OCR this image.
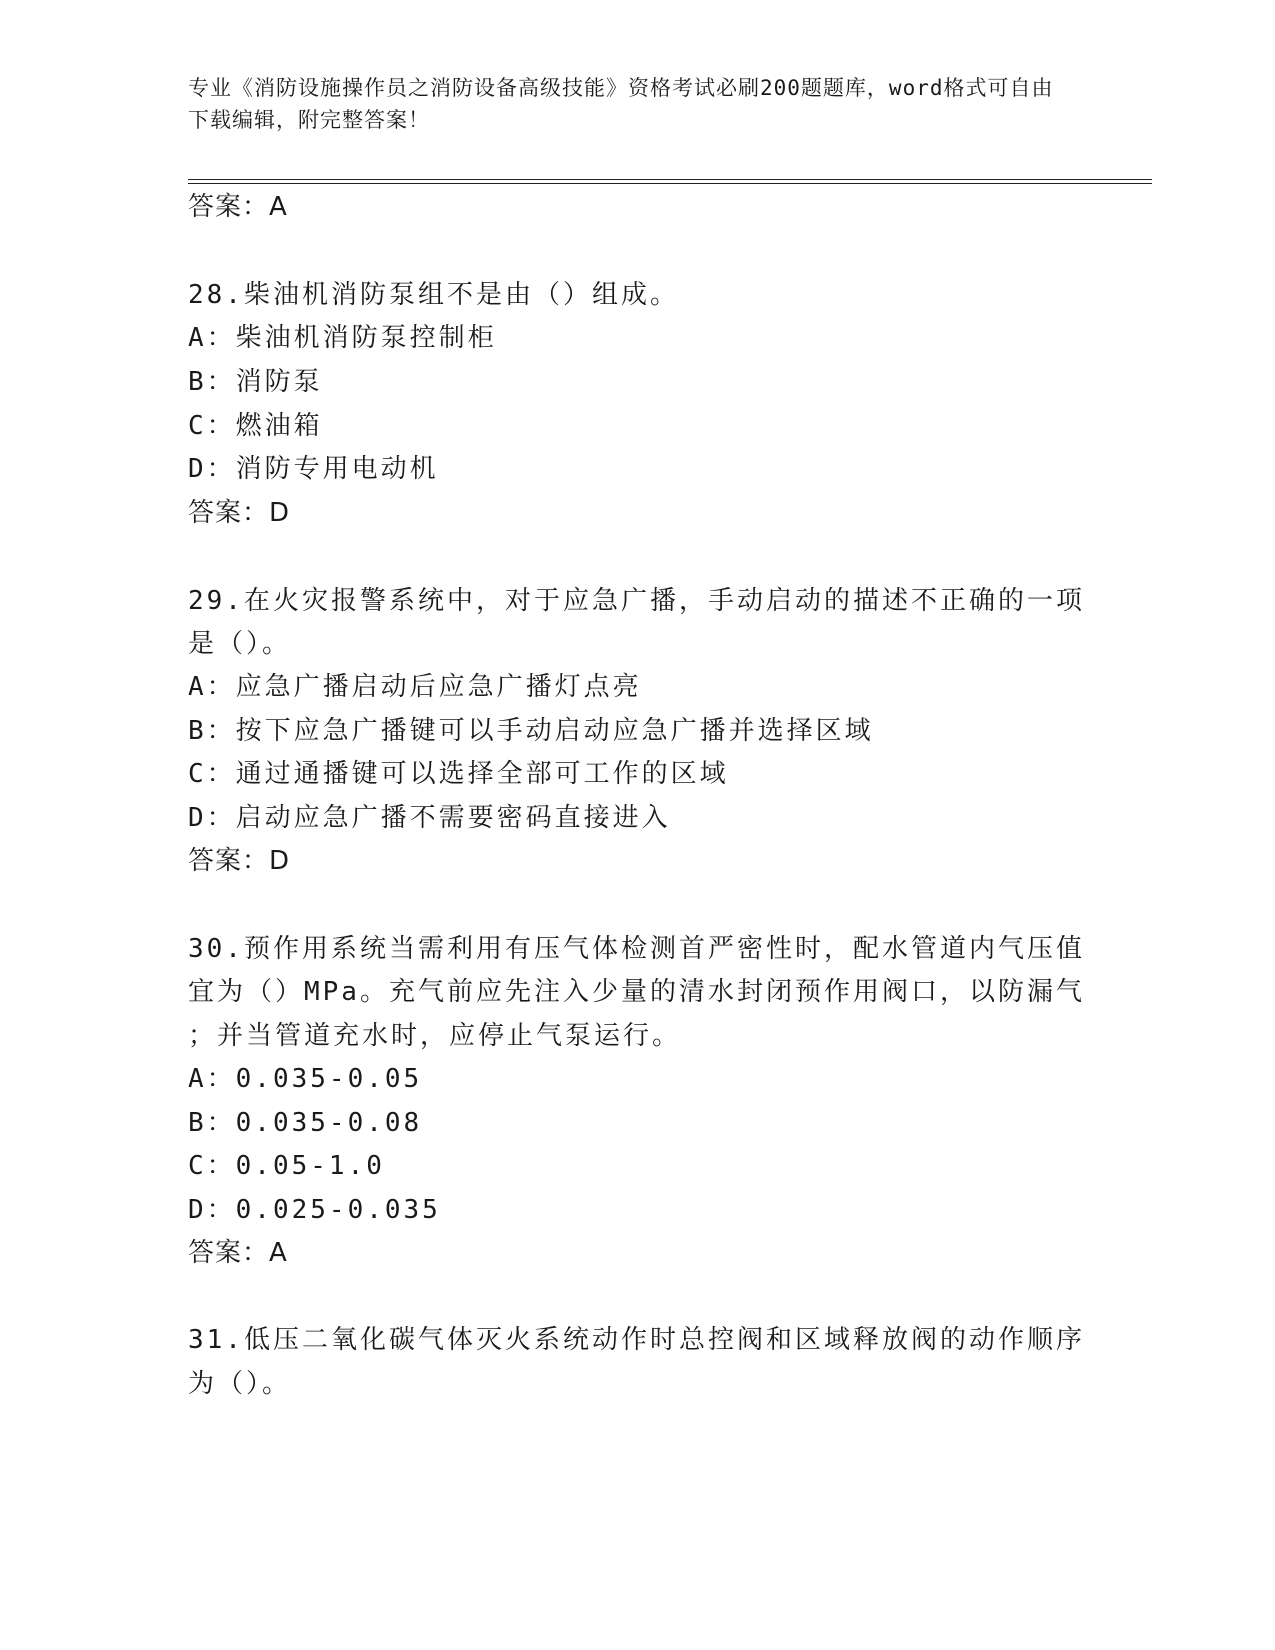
专业《消防设施操作员之消防设备高级技能》资格考试必刷200题题库，word格式可自由下载编辑，附完整答案！
答案：A
28.柴油机消防泵组不是由（）组成。
A：柴油机消防泵控制柜
B：消防泵
C：燃油箱
D：消防专用电动机
答案：D
29.在火灾报警系统中，对于应急广播，手动启动的描述不正确的一项
是（）。
A：应急广播启动后应急广播灯点亮
B：按下应急广播键可以手动启动应急广播并选择区域
C：通过通播键可以选择全部可工作的区域
D：启动应急广播不需要密码直接进入
答案：D
30.预作用系统当需利用有压气体检测首严密性时，配水管道内气压值
宜为（）MPa。充气前应先注入少量的清水封闭预作用阀口，以防漏气
；并当管道充水时，应停止气泵运行。
A：0.035-0.05
B：0.035-0.08
C：0.05-1.0
D：0.025-0.035
答案：A
31.低压二氧化碳气体灭火系统动作时总控阀和区域释放阀的动作顺序
为（）。
